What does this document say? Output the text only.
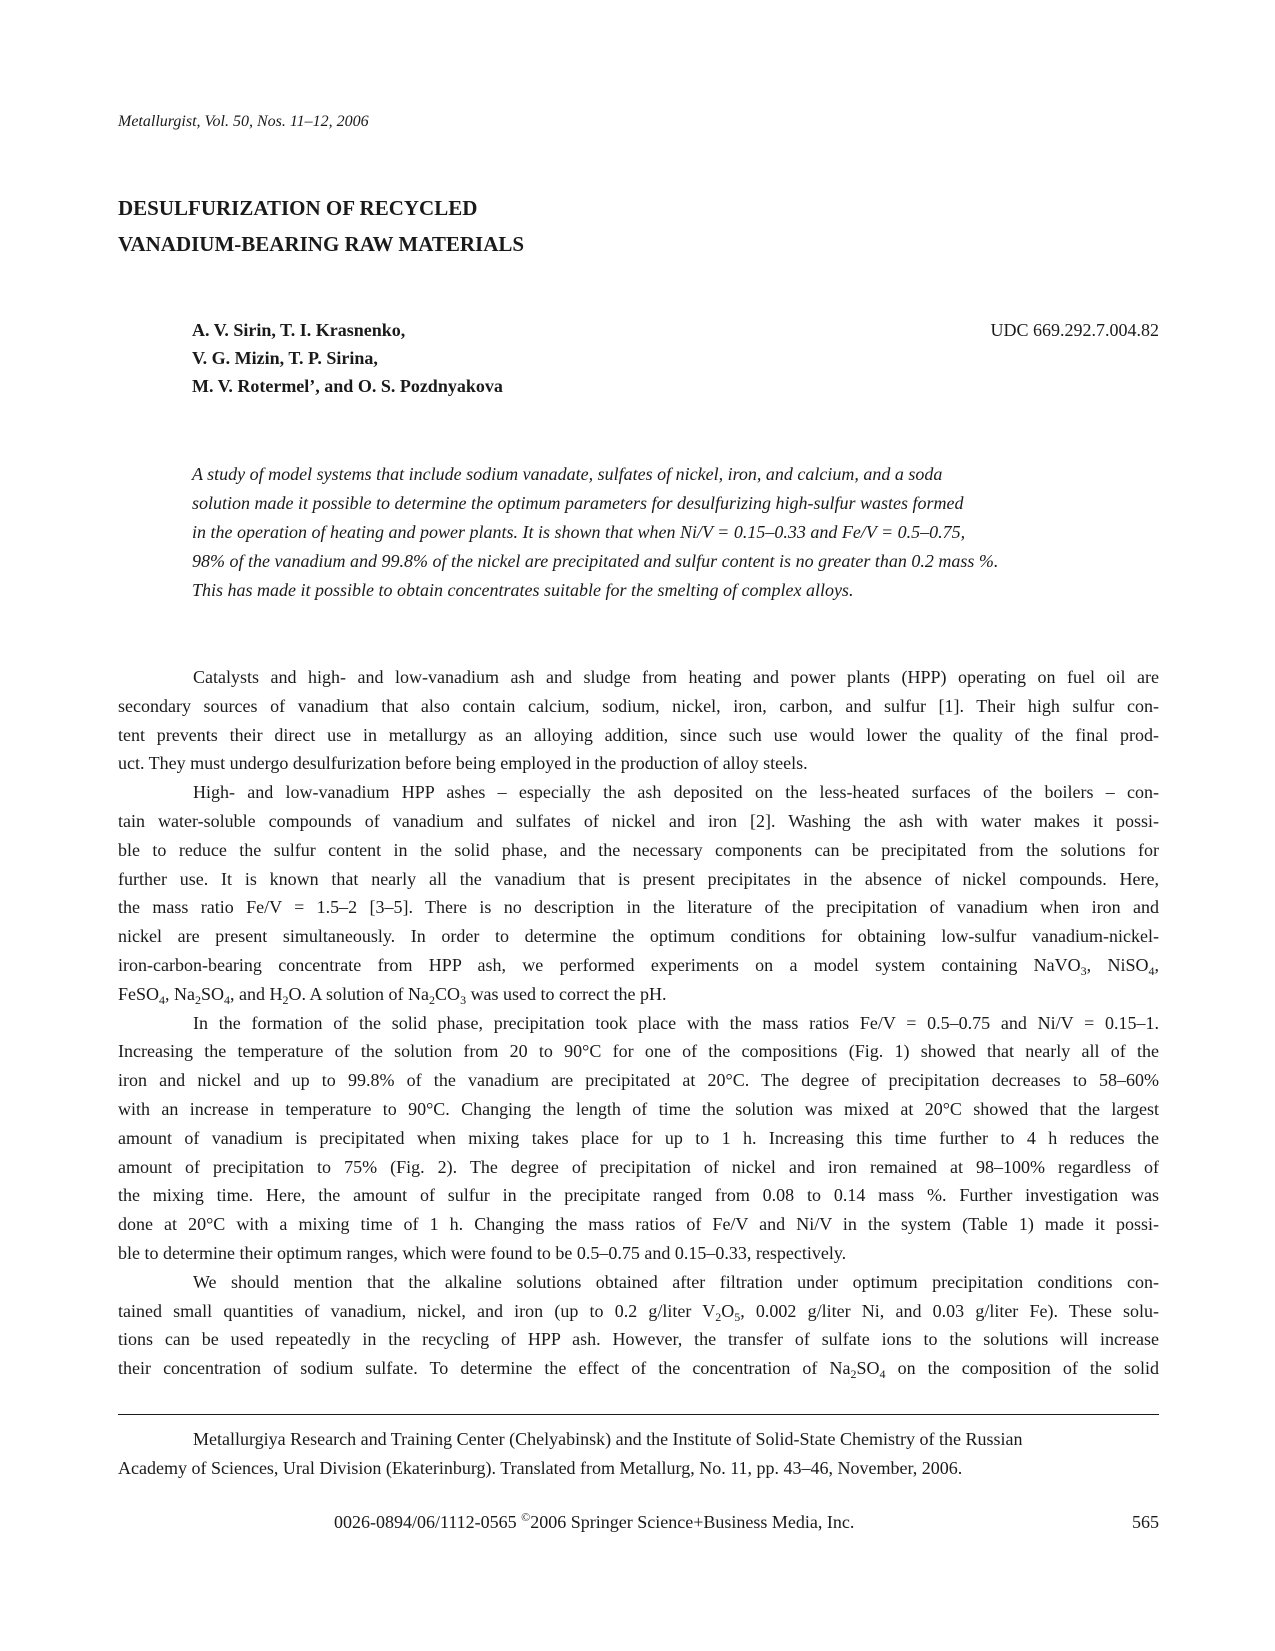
Metallurgist, Vol. 50, Nos. 11–12, 2006
DESULFURIZATION OF RECYCLED
VANADIUM-BEARING RAW MATERIALS
A. V. Sirin, T. I. Krasnenko,
V. G. Mizin, T. P. Sirina,
M. V. Rotermel’, and O. S. Pozdnyakova
UDC 669.292.7.004.82
A study of model systems that include sodium vanadate, sulfates of nickel, iron, and calcium, and a soda
solution made it possible to determine the optimum parameters for desulfurizing high-sulfur wastes formed
in the operation of heating and power plants. It is shown that when Ni/V = 0.15–0.33 and Fe/V = 0.5–0.75,
98% of the vanadium and 99.8% of the nickel are precipitated and sulfur content is no greater than 0.2 mass %.
This has made it possible to obtain concentrates suitable for the smelting of complex alloys.
Catalysts and high- and low-vanadium ash and sludge from heating and power plants (HPP) operating on fuel oil are
secondary sources of vanadium that also contain calcium, sodium, nickel, iron, carbon, and sulfur [1]. Their high sulfur con-
tent prevents their direct use in metallurgy as an alloying addition, since such use would lower the quality of the final prod-
uct. They must undergo desulfurization before being employed in the production of alloy steels.
High- and low-vanadium HPP ashes – especially the ash deposited on the less-heated surfaces of the boilers – con-
tain water-soluble compounds of vanadium and sulfates of nickel and iron [2]. Washing the ash with water makes it possi-
ble to reduce the sulfur content in the solid phase, and the necessary components can be precipitated from the solutions for
further use. It is known that nearly all the vanadium that is present precipitates in the absence of nickel compounds. Here,
the mass ratio Fe/V = 1.5–2 [3–5]. There is no description in the literature of the precipitation of vanadium when iron and
nickel are present simultaneously. In order to determine the optimum conditions for obtaining low-sulfur vanadium-nickel-
iron-carbon-bearing concentrate from HPP ash, we performed experiments on a model system containing NaVO$_3$, NiSO$_4$,
FeSO$_4$, $Na_2SO_4$, and $H_2O$. A solution of $Na_2CO_3$ was used to correct the pH.
In the formation of the solid phase, precipitation took place with the mass ratios Fe/V = 0.5–0.75 and Ni/V = 0.15–1.
Increasing the temperature of the solution from 20 to 90°C for one of the compositions (Fig. 1) showed that nearly all of the
iron and nickel and up to 99.8% of the vanadium are precipitated at 20°C. The degree of precipitation decreases to 58–60%
with an increase in temperature to 90°C. Changing the length of time the solution was mixed at 20°C showed that the largest
amount of vanadium is precipitated when mixing takes place for up to 1 h. Increasing this time further to 4 h reduces the
amount of precipitation to 75% (Fig. 2). The degree of precipitation of nickel and iron remained at 98–100% regardless of
the mixing time. Here, the amount of sulfur in the precipitate ranged from 0.08 to 0.14 mass %. Further investigation was
done at 20°C with a mixing time of 1 h. Changing the mass ratios of Fe/V and Ni/V in the system (Table 1) made it possi-
ble to determine their optimum ranges, which were found to be 0.5–0.75 and 0.15–0.33, respectively.
We should mention that the alkaline solutions obtained after filtration under optimum precipitation conditions con-
tained small quantities of vanadium, nickel, and iron (up to 0.2 g/liter $V_2O_5$, 0.002 g/liter Ni, and 0.03 g/liter Fe). These solu-
tions can be used repeatedly in the recycling of HPP ash. However, the transfer of sulfate ions to the solutions will increase
their concentration of sodium sulfate. To determine the effect of the concentration of $Na_2SO_4$ on the composition of the solid
Metallurgiya Research and Training Center (Chelyabinsk) and the Institute of Solid-State Chemistry of the Russian
Academy of Sciences, Ural Division (Ekaterinburg). Translated from Metallurg, No. 11, pp. 43–46, November, 2006.
0026-0894/06/1112-0565 ©2006 Springer Science+Business Media, Inc.	565
